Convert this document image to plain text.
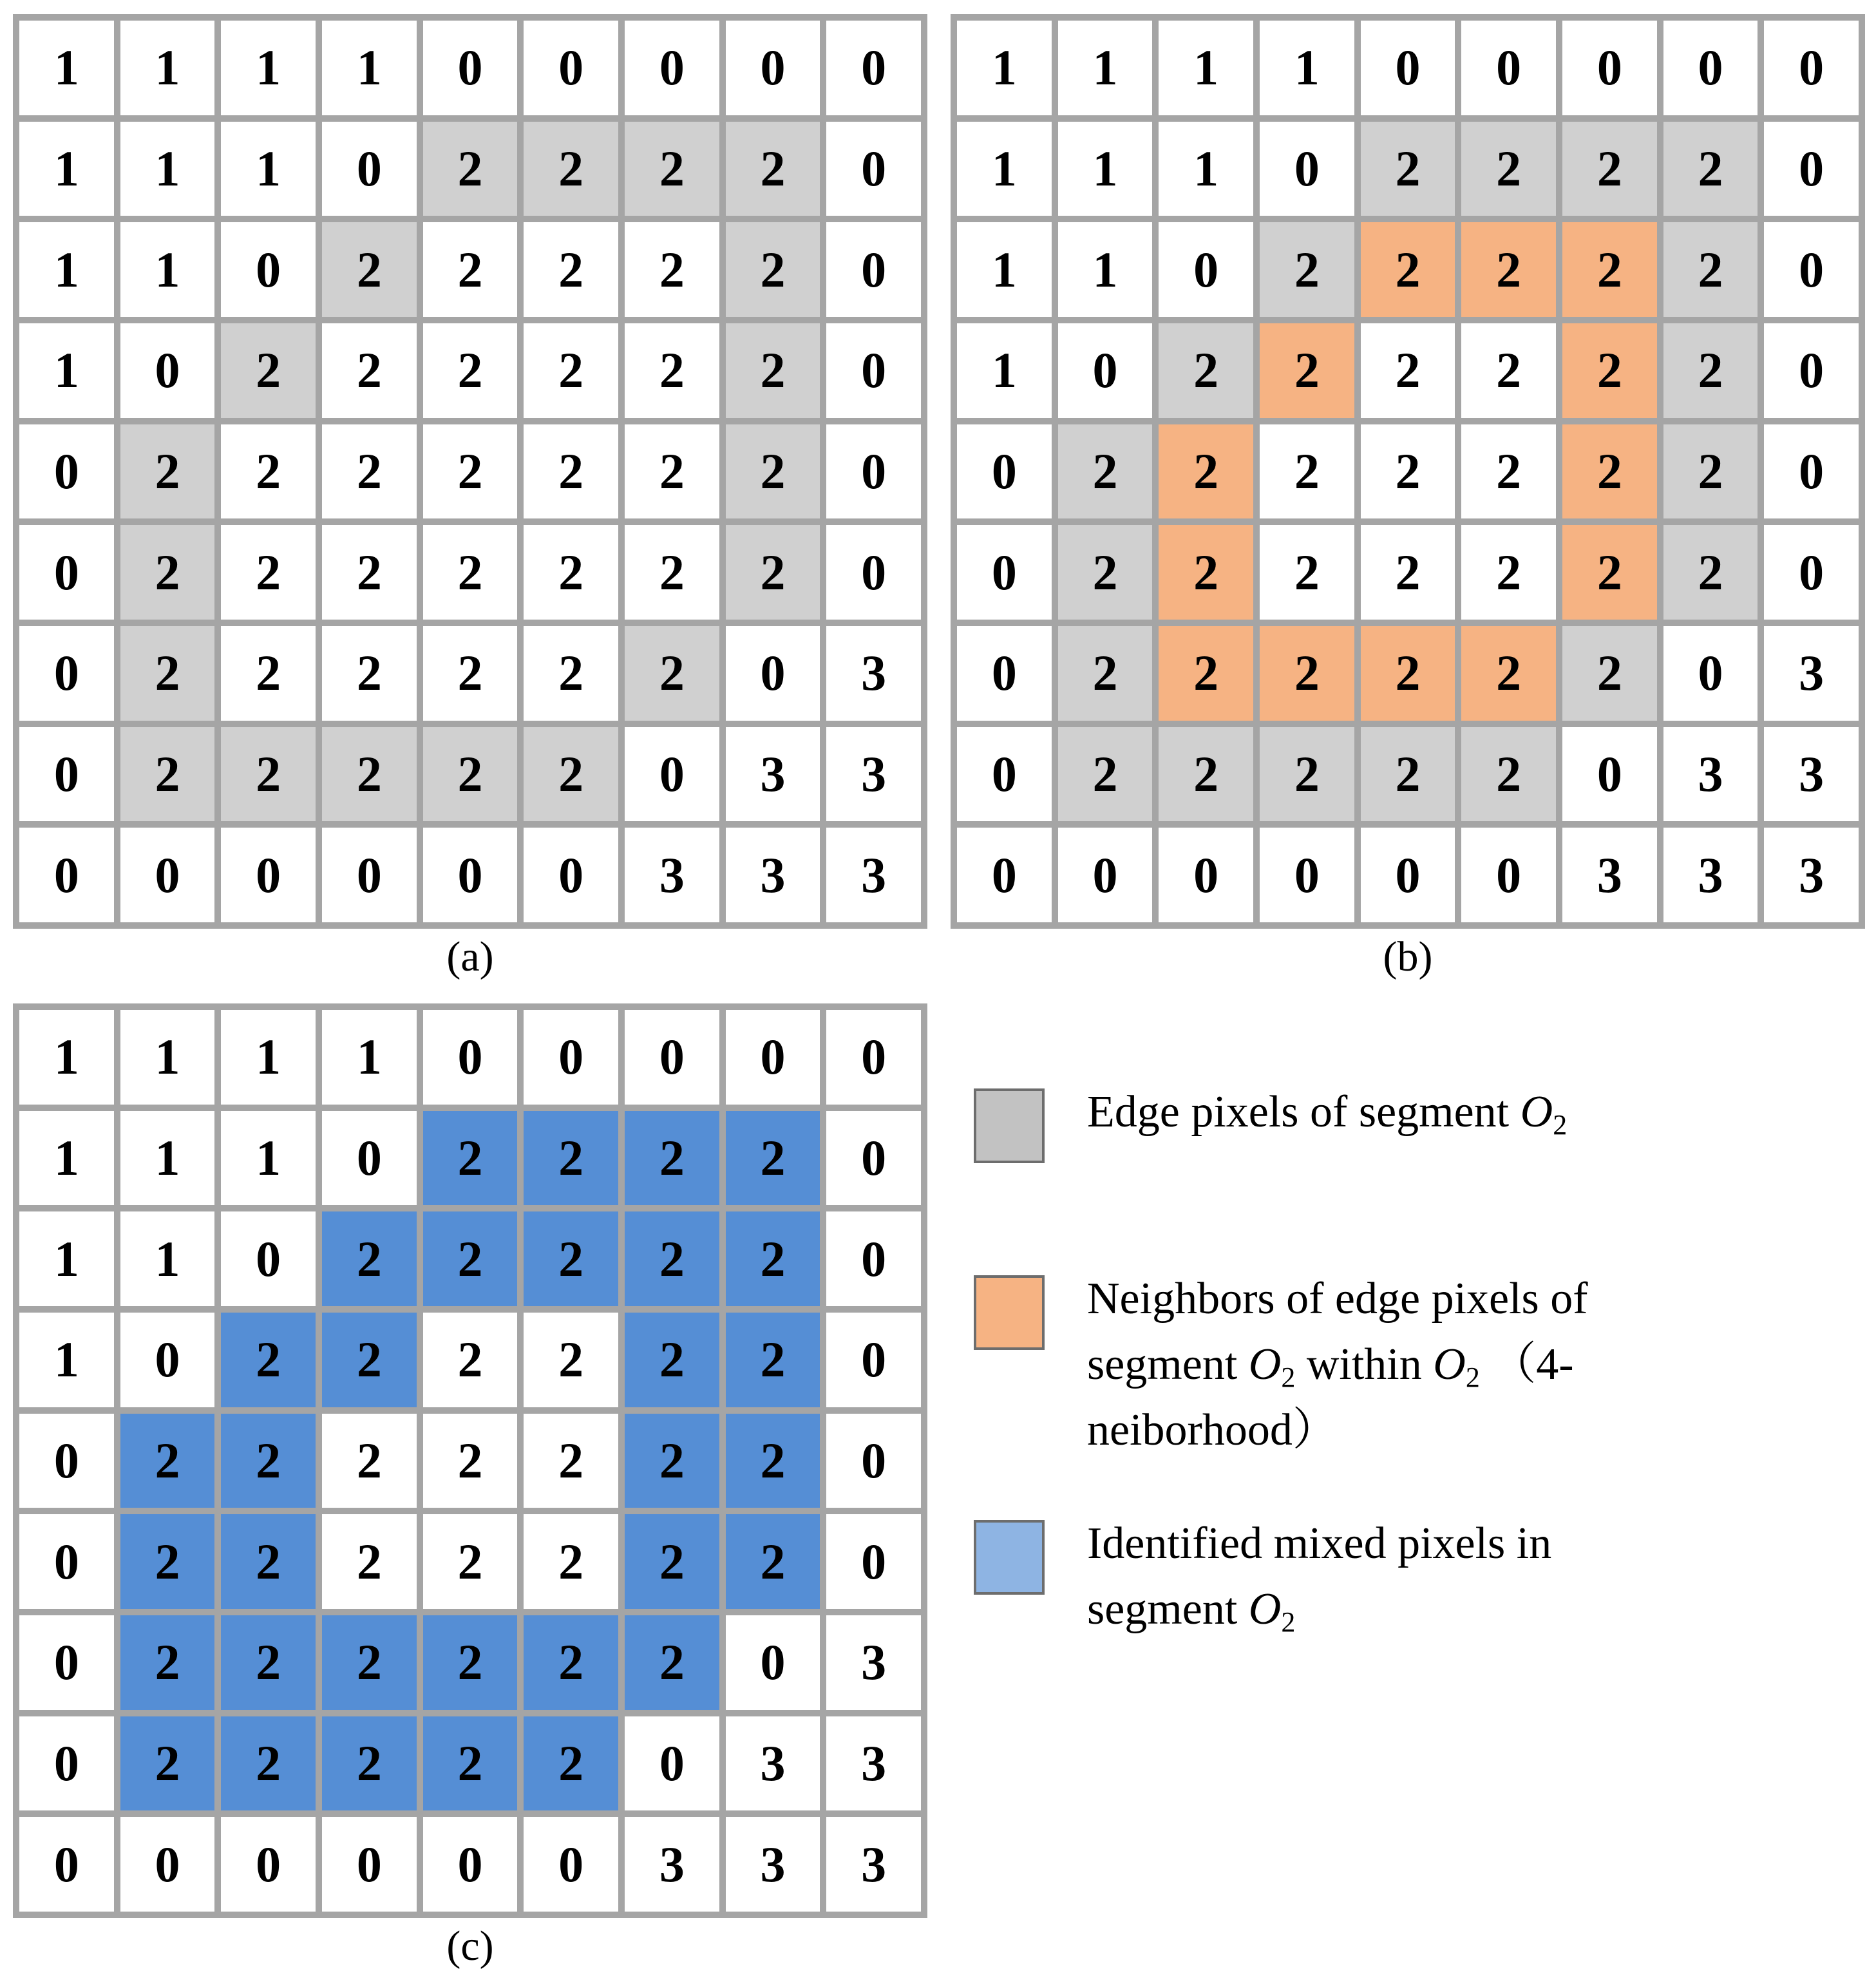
1	1	1	1	0	0	0	0	0
1	1	1	0	2	2	2	2	0
1	1	0	2	2	2	2	2	0
1	0	2	2	2	2	2	2	0
0	2	2	2	2	2	2	2	0
0	2	2	2	2	2	2	2	0
0	2	2	2	2	2	2	0	3
0	2	2	2	2	2	0	3	3
0	0	0	0	0	0	3	3	3
(a)
1	1	1	1	0	0	0	0	0
1	1	1	0	2	2	2	2	0
1	1	0	2	2	2	2	2	0
1	0	2	2	2	2	2	2	0
0	2	2	2	2	2	2	2	0
0	2	2	2	2	2	2	2	0
0	2	2	2	2	2	2	0	3
0	2	2	2	2	2	0	3	3
0	0	0	0	0	0	3	3	3
(b)
1	1	1	1	0	0	0	0	0
1	1	1	0	2	2	2	2	0
1	1	0	2	2	2	2	2	0
1	0	2	2	2	2	2	2	0
0	2	2	2	2	2	2	2	0
0	2	2	2	2	2	2	2	0
0	2	2	2	2	2	2	0	3
0	2	2	2	2	2	0	3	3
0	0	0	0	0	0	3	3	3
(c)
Edge pixels of segment $O_2$
Neighbors of edge pixels of
segment $O_2$ within $O_2$ （4-
neiborhood）
Identified mixed pixels in
segment $O_2$
